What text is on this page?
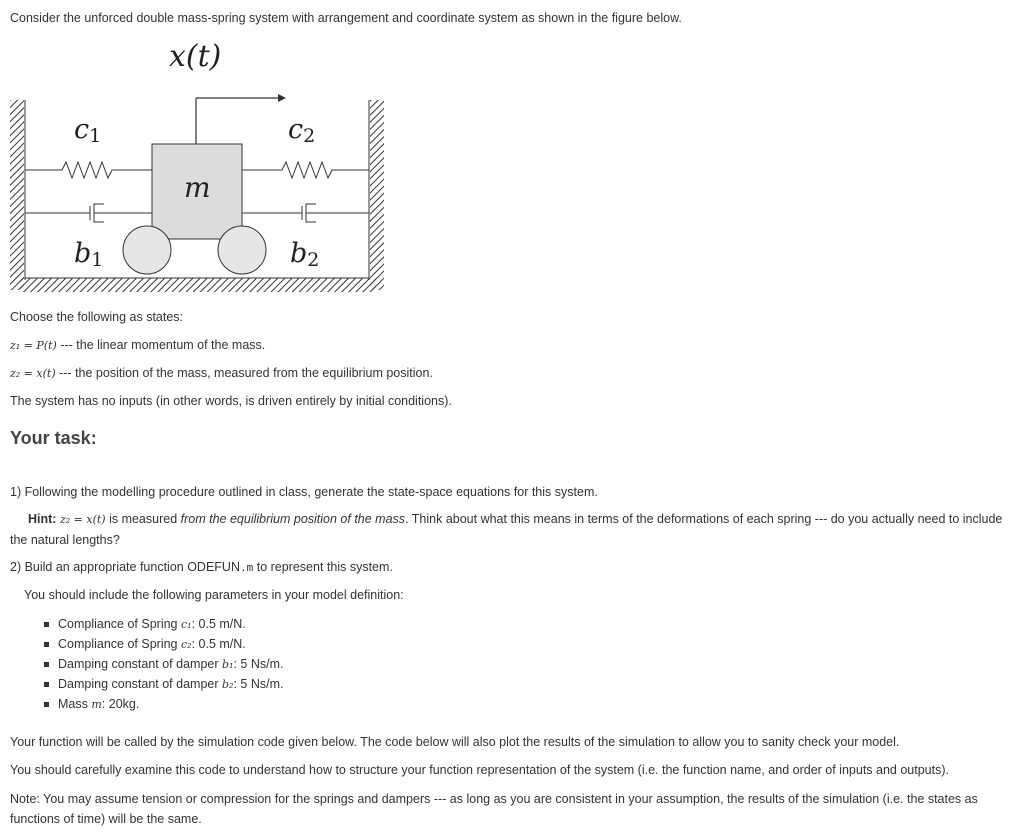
Consider the unforced double mass-spring system with arrangement and coordinate system as shown in the figure below.
x(t)
c1	c2
b1	b2
m
Choose the following as states:
z₁ = P(t) --- the linear momentum of the mass.
z₂ = x(t) --- the position of the mass, measured from the equilibrium position.
The system has no inputs (in other words, is driven entirely by initial conditions).
Your task:
1) Following the modelling procedure outlined in class, generate the state-space equations for this system.
Hint: z₂ = x(t) is measured from the equilibrium position of the mass. Think about what this means in terms of the deformations of each spring --- do you actually need to include the natural lengths?
2) Build an appropriate function ODEFUN.m to represent this system.
You should include the following parameters in your model definition:
Compliance of Spring c₁: 0.5 m/N.
Compliance of Spring c₂: 0.5 m/N.
Damping constant of damper b₁: 5 Ns/m.
Damping constant of damper b₂: 5 Ns/m.
Mass m: 20kg.
Your function will be called by the simulation code given below. The code below will also plot the results of the simulation to allow you to sanity check your model.
You should carefully examine this code to understand how to structure your function representation of the system (i.e. the function name, and order of inputs and outputs).
Note: You may assume tension or compression for the springs and dampers --- as long as you are consistent in your assumption, the results of the simulation (i.e. the states as functions of time) will be the same.
